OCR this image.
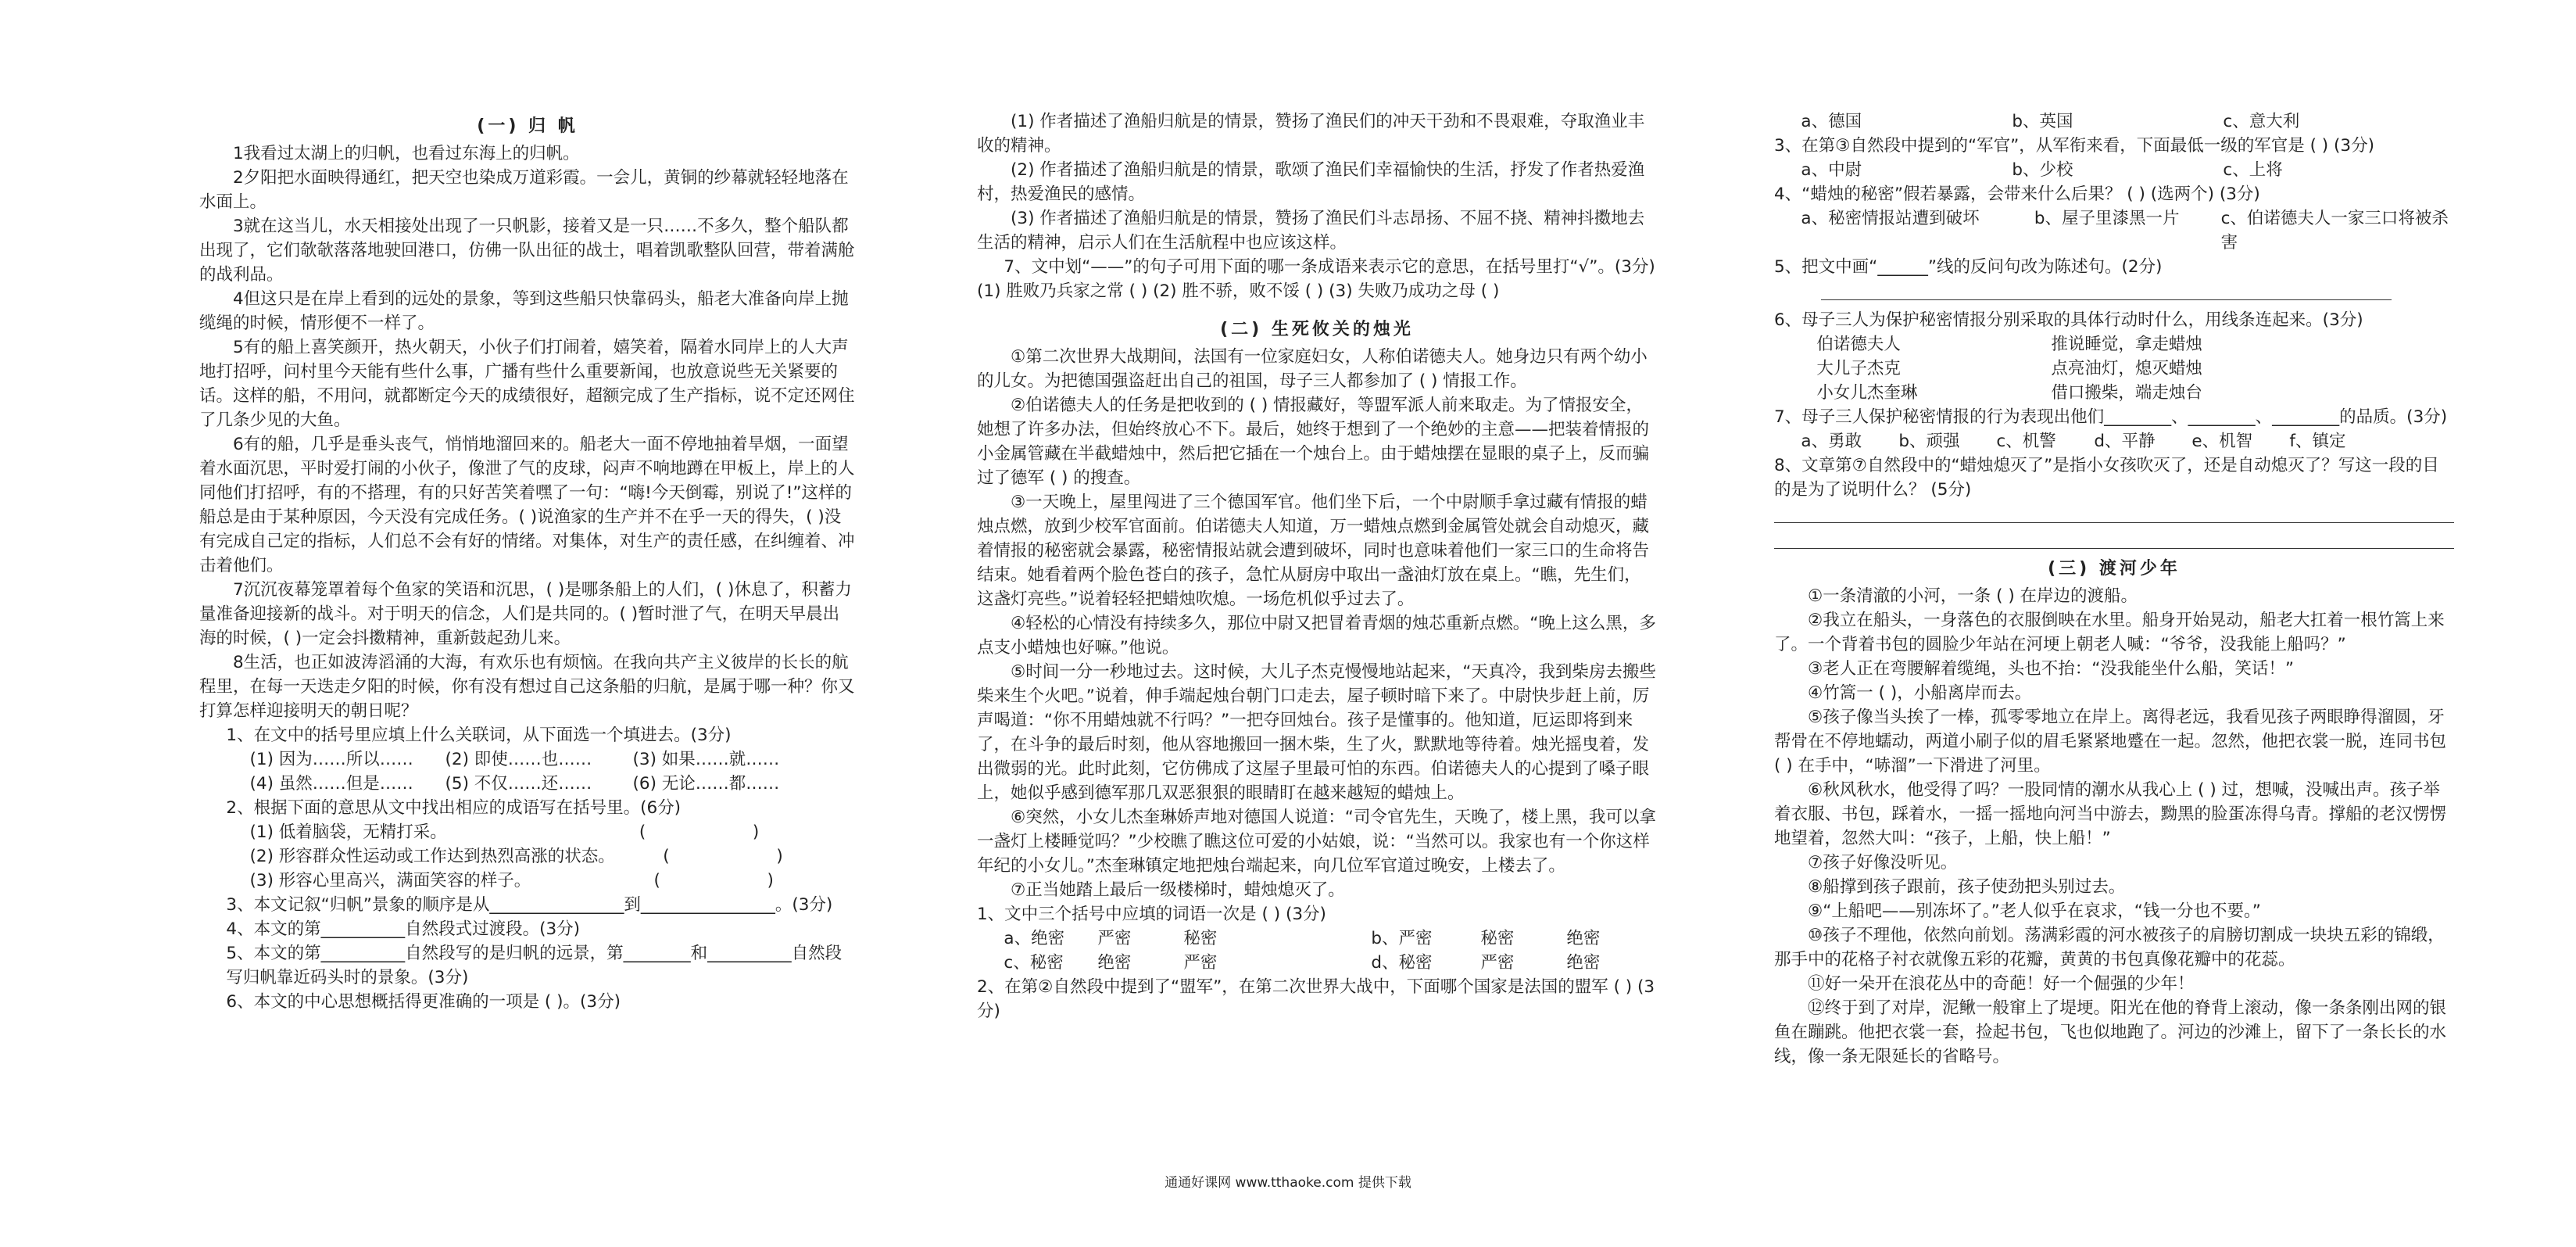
(一) 归 帆

1我看过太湖上的归帆，也看过东海上的归帆。

2夕阳把水面映得通红，把天空也染成万道彩霞。一会儿，黄铜的纱幕就轻轻地落在水面上。

3就在这当儿，水天相接处出现了一只帆影，接着又是一只……不多久，整个船队都出现了，它们欹欹落落地驶回港口，仿佛一队出征的战士，唱着凯歌整队回营，带着满舱的战利品。

4但这只是在岸上看到的远处的景象，等到这些船只快靠码头，船老大准备向岸上抛缆绳的时候，情形便不一样了。

5有的船上喜笑颜开，热火朝天，小伙子们打闹着，嬉笑着，隔着水同岸上的人大声地打招呼，问村里今天能有些什么事，广播有些什么重要新闻，也放意说些无关紧要的话。这样的船，不用问，就都断定今天的成绩很好，超额完成了生产指标，说不定还网住了几条少见的大鱼。

6有的船，几乎是垂头丧气，悄悄地溜回来的。船老大一面不停地抽着旱烟，一面望着水面沉思，平时爱打闹的小伙子，像泄了气的皮球，闷声不响地蹲在甲板上，岸上的人同他们打招呼，有的不搭理，有的只好苦笑着嘿了一句：“嗨!今天倒霉，别说了!”这样的船总是由于某种原因，今天没有完成任务。( )说渔家的生产并不在乎一天的得失，( )没有完成自己定的指标，人们总不会有好的情绪。对集体，对生产的责任感，在纠缠着、冲击着他们。

7沉沉夜幕笼罩着每个鱼家的笑语和沉思，( )是哪条船上的人们，( )休息了，积蓄力量准备迎接新的战斗。对于明天的信念，人们是共同的。( )暂时泄了气，在明天早晨出海的时候，( )一定会抖擞精神，重新鼓起劲儿来。

8生活，也正如波涛滔涌的大海，有欢乐也有烦恼。在我向共产主义彼岸的长长的航程里，在每一天迭走夕阳的时候，你有没有想过自己这条船的归航，是属于哪一种？你又打算怎样迎接明天的朝日呢？

1、在文中的括号里应填上什么关联词，从下面选一个填进去。(3分)

(1) 因为……所以……	(2) 即使……也……	(3) 如果……就……
(4) 虽然……但是……	(5) 不仅……还……	(6) 无论……都……

2、根据下面的意思从文中找出相应的成语写在括号里。(6分)

(1) 低着脑袋，无精打采。                                    (                    )

(2) 形容群众性运动或工作达到热烈高涨的状态。         (                    )

(3) 形容心里高兴，满面笑容的样子。                       (                    )

3、本文记叙“归帆”景象的顺序是从________________到________________。(3分)

4、本文的第__________自然段式过渡段。(3分)

5、本文的第__________自然段写的是归帆的远景，第________和__________自然段写归帆靠近码头时的景象。(3分)

6、本文的中心思想概括得更准确的一项是 ( )。(3分)

(1) 作者描述了渔船归航是的情景，赞扬了渔民们的冲天干劲和不畏艰难，夺取渔业丰收的精神。

(2) 作者描述了渔船归航是的情景，歌颂了渔民们幸福愉快的生活，抒发了作者热爱渔村，热爱渔民的感情。

(3) 作者描述了渔船归航是的情景，赞扬了渔民们斗志昂扬、不屈不挠、精神抖擞地去生活的精神，启示人们在生活航程中也应该这样。

7、文中划“——”的句子可用下面的哪一条成语来表示它的意思，在括号里打“√”。(3分)

(1) 胜败乃兵家之常 ( ) (2) 胜不骄，败不馁 ( ) (3) 失败乃成功之母 ( )

(二) 生死攸关的烛光

①第二次世界大战期间，法国有一位家庭妇女，人称伯诺德夫人。她身边只有两个幼小的儿女。为把德国强盗赶出自己的祖国，母子三人都参加了 ( ) 情报工作。

②伯诺德夫人的任务是把收到的 ( ) 情报藏好，等盟军派人前来取走。为了情报安全，她想了许多办法，但始终放心不下。最后，她终于想到了一个绝妙的主意——把装着情报的小金属管藏在半截蜡烛中，然后把它插在一个烛台上。由于蜡烛摆在显眼的桌子上，反而骗过了德军 ( ) 的搜查。

③一天晚上，屋里闯进了三个德国军官。他们坐下后，一个中尉顺手拿过藏有情报的蜡烛点燃，放到少校军官面前。伯诺德夫人知道，万一蜡烛点燃到金属管处就会自动熄灭，藏着情报的秘密就会暴露，秘密情报站就会遭到破坏，同时也意味着他们一家三口的生命将告结束。她看着两个脸色苍白的孩子，急忙从厨房中取出一盏油灯放在桌上。“瞧，先生们，这盏灯亮些。”说着轻轻把蜡烛吹熄。一场危机似乎过去了。

④轻松的心情没有持续多久，那位中尉又把冒着青烟的烛芯重新点燃。“晚上这么黑，多点支小蜡烛也好嘛。”他说。

⑤时间一分一秒地过去。这时候，大儿子杰克慢慢地站起来，“天真冷，我到柴房去搬些柴来生个火吧。”说着，伸手端起烛台朝门口走去，屋子顿时暗下来了。中尉快步赶上前，厉声喝道：“你不用蜡烛就不行吗？”一把夺回烛台。孩子是懂事的。他知道，厄运即将到来了，在斗争的最后时刻，他从容地搬回一捆木柴，生了火，默默地等待着。烛光摇曳着，发出微弱的光。此时此刻，它仿佛成了这屋子里最可怕的东西。伯诺德夫人的心提到了嗓子眼上，她似乎感到德军那几双恶狠狠的眼睛盯在越来越短的蜡烛上。

⑥突然，小女儿杰奎琳娇声地对德国人说道：“司令官先生，天晚了，楼上黑，我可以拿一盏灯上楼睡觉吗？”少校瞧了瞧这位可爱的小姑娘，说：“当然可以。我家也有一个你这样年纪的小女儿。”杰奎琳镇定地把烛台端起来，向几位军官道过晚安，上楼去了。

⑦正当她踏上最后一级楼梯时，蜡烛熄灭了。

1、文中三个括号中应填的词语一次是 ( ) (3分)

a、绝密	严密	秘密	b、严密	秘密	绝密
c、秘密	绝密	严密	d、秘密	严密	绝密

2、在第②自然段中提到了“盟军”，在第二次世界大战中，下面哪个国家是法国的盟军 ( ) (3分)

a、德国	b、英国	c、意大利

3、在第③自然段中提到的“军官”，从军衔来看，下面最低一级的军官是 ( ) (3分)

a、中尉	b、少校	c、上将

4、“蜡烛的秘密”假若暴露，会带来什么后果？ ( ) (选两个) (3分)

a、秘密情报站遭到破坏	b、屋子里漆黑一片	c、伯诺德夫人一家三口将被杀害

5、把文中画“______”线的反问句改为陈述句。(2分)

6、母子三人为保护秘密情报分别采取的具体行动时什么，用线条连起来。(3分)

伯诺德夫人	推说睡觉，拿走蜡烛
大儿子杰克	点亮油灯，熄灭蜡烛
小女儿杰奎琳	借口搬柴，端走烛台

7、母子三人保护秘密情报的行为表现出他们________、________、________的品质。(3分)

a、勇敢	b、顽强	c、机警	d、平静	e、机智	f、镇定

8、文章第⑦自然段中的“蜡烛熄灭了”是指小女孩吹灭了，还是自动熄灭了？写这一段的目的是为了说明什么？ (5分)

(三) 渡河少年

①一条清澈的小河，一条 ( ) 在岸边的渡船。

②我立在船头，一身落色的衣服倒映在水里。船身开始晃动，船老大扛着一根竹篙上来了。一个背着书包的圆脸少年站在河埂上朝老人喊：“爷爷，没我能上船吗？”

③老人正在弯腰解着缆绳，头也不抬：“没我能坐什么船，笑话！”

④竹篙一 ( )，小船离岸而去。

⑤孩子像当头挨了一棒，孤零零地立在岸上。离得老远，我看见孩子两眼睁得溜圆，牙帮骨在不停地蠕动，两道小刷子似的眉毛紧紧地蹙在一起。忽然，他把衣裳一脱，连同书包 ( ) 在手中，“哧溜”一下滑进了河里。

⑥秋风秋水，他受得了吗？一股同情的潮水从我心上 ( ) 过，想喊，没喊出声。孩子举着衣服、书包，踩着水，一摇一摇地向河当中游去，黝黑的脸蛋冻得乌青。撑船的老汉愣愣地望着，忽然大叫：“孩子，上船，快上船！”

⑦孩子好像没听见。

⑧船撑到孩子跟前，孩子使劲把头别过去。

⑨“上船吧——别冻坏了。”老人似乎在哀求，“钱一分也不要。”

⑩孩子不理他，依然向前划。荡满彩霞的河水被孩子的肩膀切割成一块块五彩的锦缎，那手中的花格子衬衣就像五彩的花瓣，黄黄的书包真像花瓣中的花蕊。

⑪好一朵开在浪花丛中的奇葩！好一个倔强的少年！

⑫终于到了对岸，泥鳅一般窜上了堤埂。阳光在他的脊背上滚动，像一条条刚出网的银鱼在蹦跳。他把衣裳一套，捡起书包，飞也似地跑了。河边的沙滩上，留下了一条长长的水线，像一条无限延长的省略号。

通通好课网 www.tthaoke.com 提供下载
